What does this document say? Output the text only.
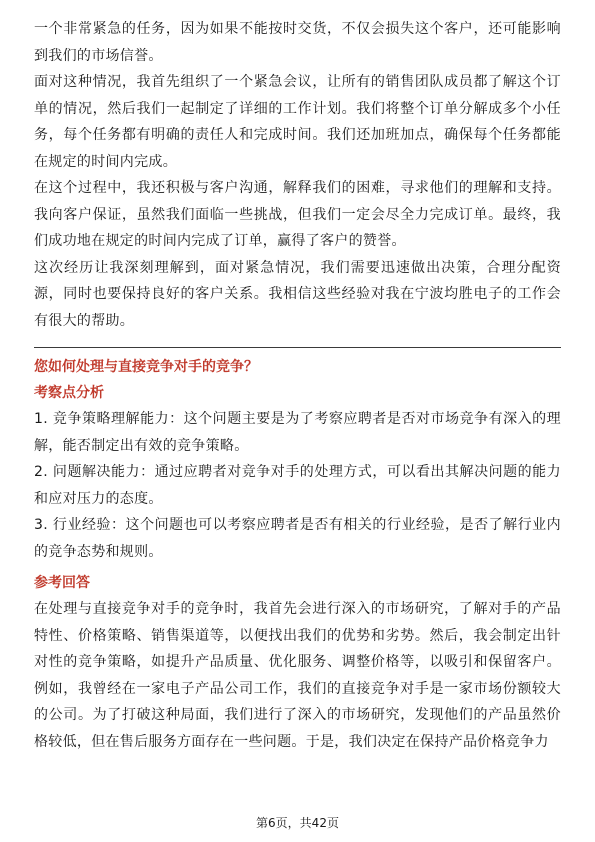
一个非常紧急的任务，因为如果不能按时交货，不仅会损失这个客户，还可能影响到我们的市场信誉。

面对这种情况，我首先组织了一个紧急会议，让所有的销售团队成员都了解这个订单的情况，然后我们一起制定了详细的工作计划。我们将整个订单分解成多个小任务，每个任务都有明确的责任人和完成时间。我们还加班加点，确保每个任务都能在规定的时间内完成。

在这个过程中，我还积极与客户沟通，解释我们的困难，寻求他们的理解和支持。我向客户保证，虽然我们面临一些挑战，但我们一定会尽全力完成订单。最终，我们成功地在规定的时间内完成了订单，赢得了客户的赞誉。

这次经历让我深刻理解到，面对紧急情况，我们需要迅速做出决策，合理分配资源，同时也要保持良好的客户关系。我相信这些经验对我在宁波均胜电子的工作会有很大的帮助。

您如何处理与直接竞争对手的竞争？

考察点分析

1. 竞争策略理解能力：这个问题主要是为了考察应聘者是否对市场竞争有深入的理解，能否制定出有效的竞争策略。

2. 问题解决能力：通过应聘者对竞争对手的处理方式，可以看出其解决问题的能力和应对压力的态度。

3. 行业经验：这个问题也可以考察应聘者是否有相关的行业经验，是否了解行业内的竞争态势和规则。

参考回答

在处理与直接竞争对手的竞争时，我首先会进行深入的市场研究，了解对手的产品特性、价格策略、销售渠道等，以便找出我们的优势和劣势。然后，我会制定出针对性的竞争策略，如提升产品质量、优化服务、调整价格等，以吸引和保留客户。例如，我曾经在一家电子产品公司工作，我们的直接竞争对手是一家市场份额较大的公司。为了打破这种局面，我们进行了深入的市场研究，发现他们的产品虽然价格较低，但在售后服务方面存在一些问题。于是，我们决定在保持产品价格竞争力

第6页，共42页
